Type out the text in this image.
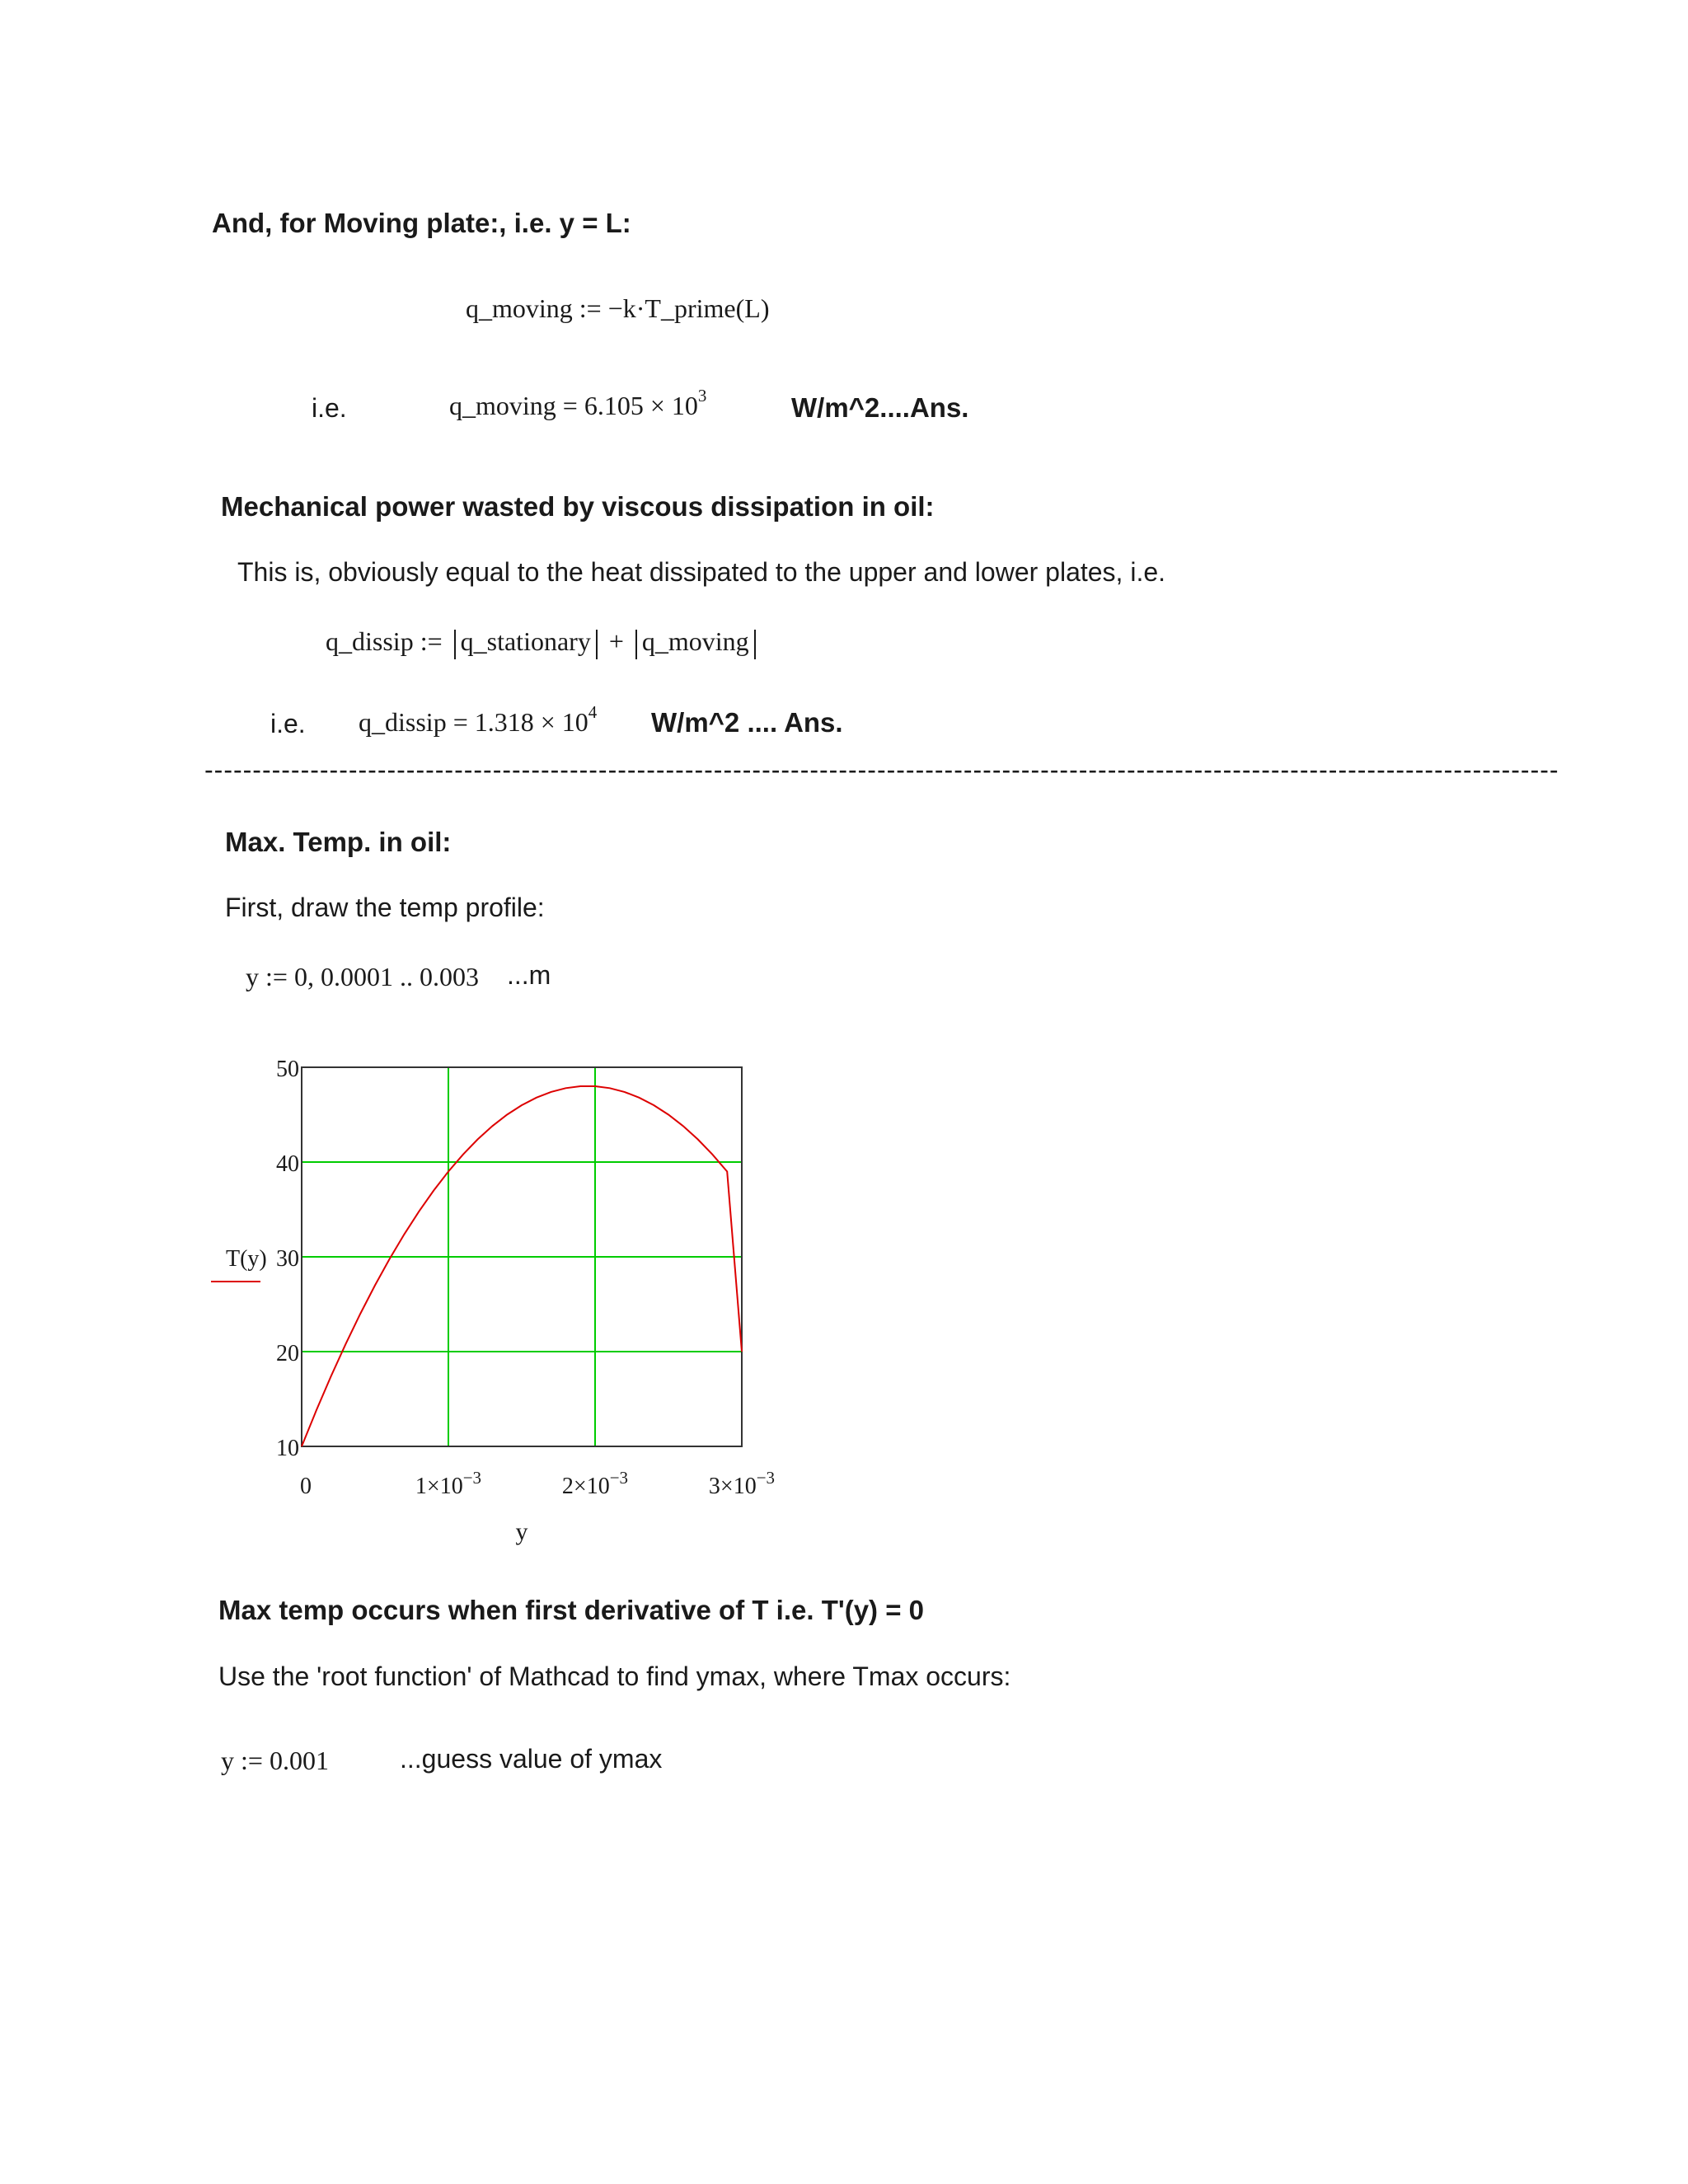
And, for Moving plate:, i.e. y = L:
q_moving := −k·T_prime(L)
i.e.	q_moving = $6.105 \times 10^3$	W/m^2....Ans.
Mechanical power wasted by viscous dissipation in oil:
This is, obviously equal to the heat dissipated to the upper and lower plates, i.e.
q_dissip := q_stationary + q_moving
i.e. q_dissip = $1.318 \times 10^4$ W/m^2 .... Ans.
---------------------------------------------------------------------------------------------------------------------------------------------
Max. Temp. in oil:
First, draw the temp profile:
y := 0, 0.0001 .. 0.003 ...m
50
40
30
20
10
0	$1\times 10^{-3}$	$2\times 10^{-3}$	$3\times 10^{-3}$
T(y)
y
Max temp occurs when first derivative of T i.e. T'(y) = 0
Use the 'root function' of Mathcad to find ymax, where Tmax occurs:
y := 0.001	...guess value of ymax
